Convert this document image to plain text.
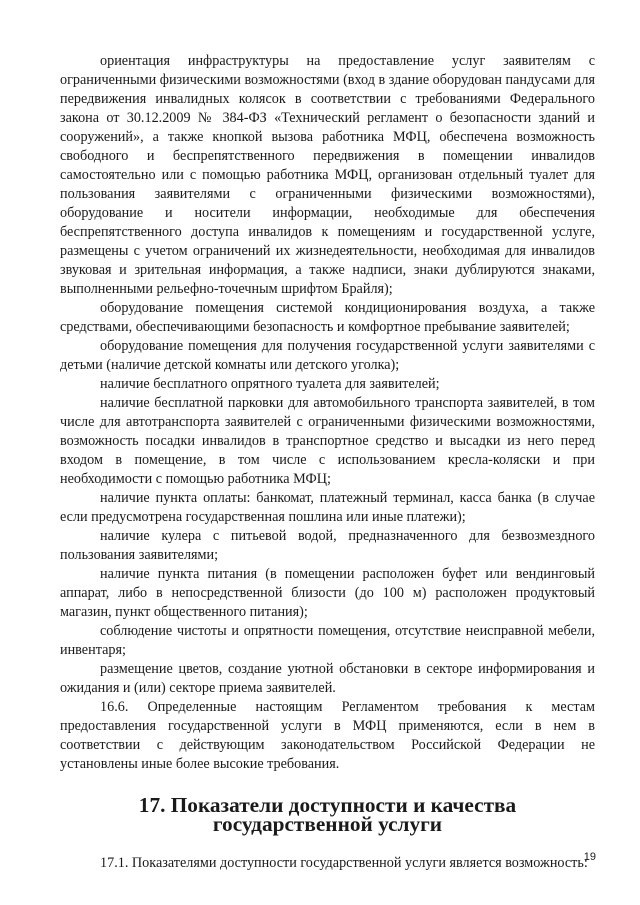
ориентация инфраструктуры на предоставление услуг заявителям с ограниченными физическими возможностями (вход в здание оборудован пандусами для передвижения инвалидных колясок в соответствии с требованиями Федерального закона от 30.12.2009 № 384-ФЗ «Технический регламент о безопасности зданий и сооружений», а также кнопкой вызова работника МФЦ, обеспечена возможность свободного и беспрепятственного передвижения в помещении инвалидов самостоятельно или с помощью работника МФЦ, организован отдельный туалет для пользования заявителями с ограниченными физическими возможностями), оборудование и носители информации, необходимые для обеспечения беспрепятственного доступа инвалидов к помещениям и государственной услуге, размещены с учетом ограничений их жизнедеятельности, необходимая для инвалидов звуковая и зрительная информация, а также надписи, знаки дублируются знаками, выполненными рельефно-точечным шрифтом Брайля);

оборудование помещения системой кондиционирования воздуха, а также средствами, обеспечивающими безопасность и комфортное пребывание заявителей;

оборудование помещения для получения государственной услуги заявителями с детьми (наличие детской комнаты или детского уголка);

наличие бесплатного опрятного туалета для заявителей;

наличие бесплатной парковки для автомобильного транспорта заявителей, в том числе для автотранспорта заявителей с ограниченными физическими возможностями, возможность посадки инвалидов в транспортное средство и высадки из него перед входом в помещение, в том числе с использованием кресла-коляски и при необходимости с помощью работника МФЦ;

наличие пункта оплаты: банкомат, платежный терминал, касса банка (в случае если предусмотрена государственная пошлина или иные платежи);

наличие кулера с питьевой водой, предназначенного для безвозмездного пользования заявителями;

наличие пункта питания (в помещении расположен буфет или вендинговый аппарат, либо в непосредственной близости (до 100 м) расположен продуктовый магазин, пункт общественного питания);

соблюдение чистоты и опрятности помещения, отсутствие неисправной мебели, инвентаря;

размещение цветов, создание уютной обстановки в секторе информирования и ожидания и (или) секторе приема заявителей.

16.6. Определенные настоящим Регламентом требования к местам предоставления государственной услуги в МФЦ применяются, если в нем в соответствии с действующим законодательством Российской Федерации не установлены иные более высокие требования.

17. Показатели доступности и качества государственной услуги

17.1. Показателями доступности государственной услуги является возможность:

19
